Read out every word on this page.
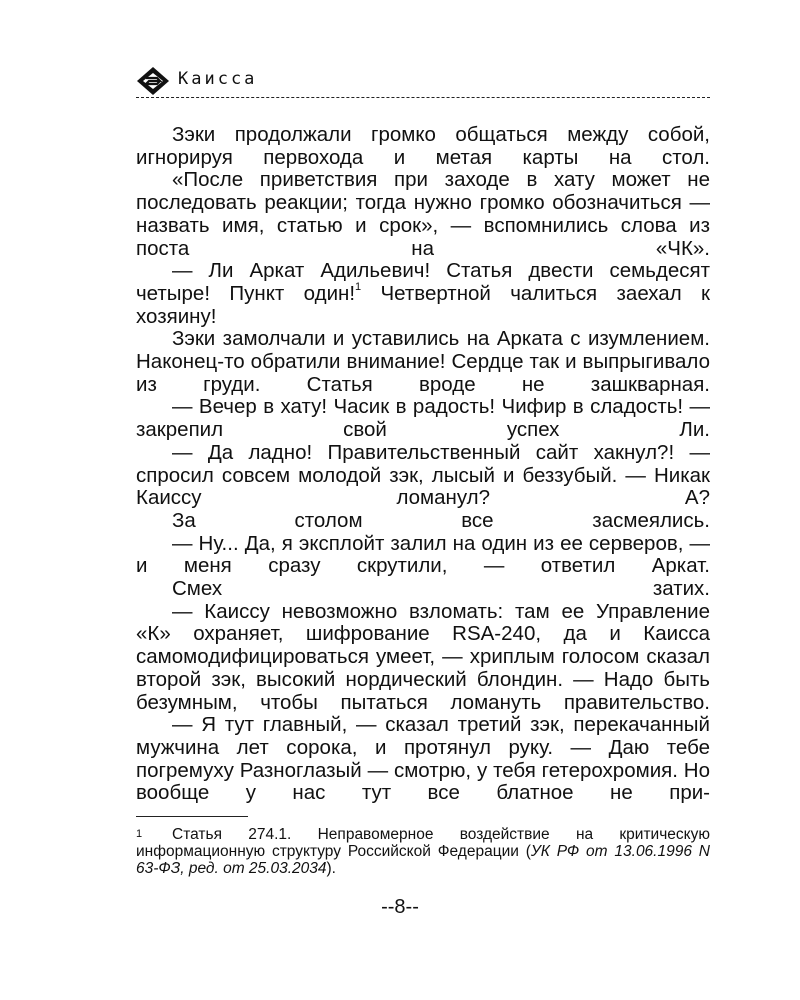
Каисса

Зэки продолжали громко общаться между собой, игнорируя первохода и метая карты на стол.

«После приветствия при заходе в хату может не последовать реакции; тогда нужно громко обозначиться — назвать имя, статью и срок», — вспомнились слова из поста на «ЧК».

— Ли Аркат Адильевич! Статья двести семьдесят четыре! Пункт один!$^1$ Четвертной чалиться заехал к хозяину!

Зэки замолчали и уставились на Арката с изумлением. Наконец-то обратили внимание! Сердце так и выпрыгивало из груди. Статья вроде не зашкварная.

— Вечер в хату! Часик в радость! Чифир в сладость! — закрепил свой успех Ли.

— Да ладно! Правительственный сайт хакнул?! — спросил совсем молодой зэк, лысый и беззубый. — Никак Каиссу ломанул? А?

За столом все засмеялись.

— Ну... Да, я эксплойт залил на один из ее серверов, — и меня сразу скрутили, — ответил Аркат.

Смех затих.

— Каиссу невозможно взломать: там ее Управление «К» охраняет, шифрование RSA-240, да и Каисса самомодифицироваться умеет, — хриплым голосом сказал второй зэк, высокий нордический блондин. — Надо быть безумным, чтобы пытаться ломануть правительство.

— Я тут главный, — сказал третий зэк, перекачанный мужчина лет сорока, и протянул руку. — Даю тебе погремуху Разноглазый — смотрю, у тебя гетерохромия. Но вообще у нас тут все блатное не при-

1 Статья 274.1. Неправомерное воздействие на критическую информационную структуру Российской Федерации (УК РФ от 13.06.1996 N 63-ФЗ, ред. от 25.03.2034).
--8--
